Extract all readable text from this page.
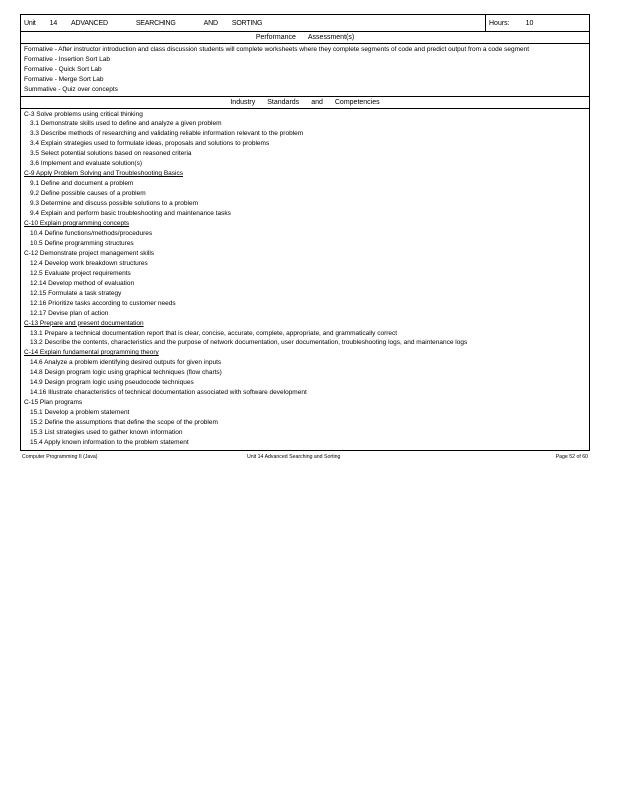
Unit 14 ADVANCED	SEARCHING	AND SORTING	Hours: 10
Performance Assessment(s)
Formative - After instructor introduction and class discussion students will complete worksheets where they complete segments of code and predict output from a code segment
Formative - Insertion Sort Lab
Formative - Quick Sort Lab
Formative - Merge Sort Lab
Summative - Quiz over concepts
Industry Standards and Competencies
C-3 Solve problems using critical thinking
3.1 Demonstrate skills used to define and analyze a given problem
3.3 Describe methods of researching and validating reliable information relevant to the problem
3.4 Explain strategies used to formulate ideas, proposals and solutions to problems
3.5 Select potential solutions based on reasoned criteria
3.6 Implement and evaluate solution(s)
C-9 Apply Problem Solving and Troubleshooting Basics
9.1 Define and document a problem
9.2 Define possible causes of a problem
9.3 Determine and discuss possible solutions to a problem
9.4 Explain and perform basic troubleshooting and maintenance tasks
C-10 Explain programming concepts
10.4 Define functions/methods/procedures
10.5 Define programming structures
C-12 Demonstrate project management skills
12.4 Develop work breakdown structures
12.5 Evaluate project requirements
12.14 Develop method of evaluation
12.15 Formulate a task strategy
12.16 Prioritize tasks according to customer needs
12.17 Devise plan of action
C-13 Prepare and present documentation
13.1 Prepare a technical documentation report that is clear, concise, accurate, complete, appropriate, and grammatically correct
13.2 Describe the contents, characteristics and the purpose of network documentation, user documentation, troubleshooting logs, and maintenance logs
C-14 Explain fundamental programming theory
14.6 Analyze a problem identifying desired outputs for given inputs
14.8 Design program logic using graphical techniques (flow charts)
14.9 Design program logic using pseudocode techniques
14.16 Illustrate characteristics of technical documentation associated with software development
C-15 Plan programs
15.1 Develop a problem statement
15.2 Define the assumptions that define the scope of the problem
15.3 List strategies used to gather known information
15.4 Apply known information to the problem statement
Computer Programming II (Java)	Unit 14 Advanced Searching and Sorting	Page 52 of 60
